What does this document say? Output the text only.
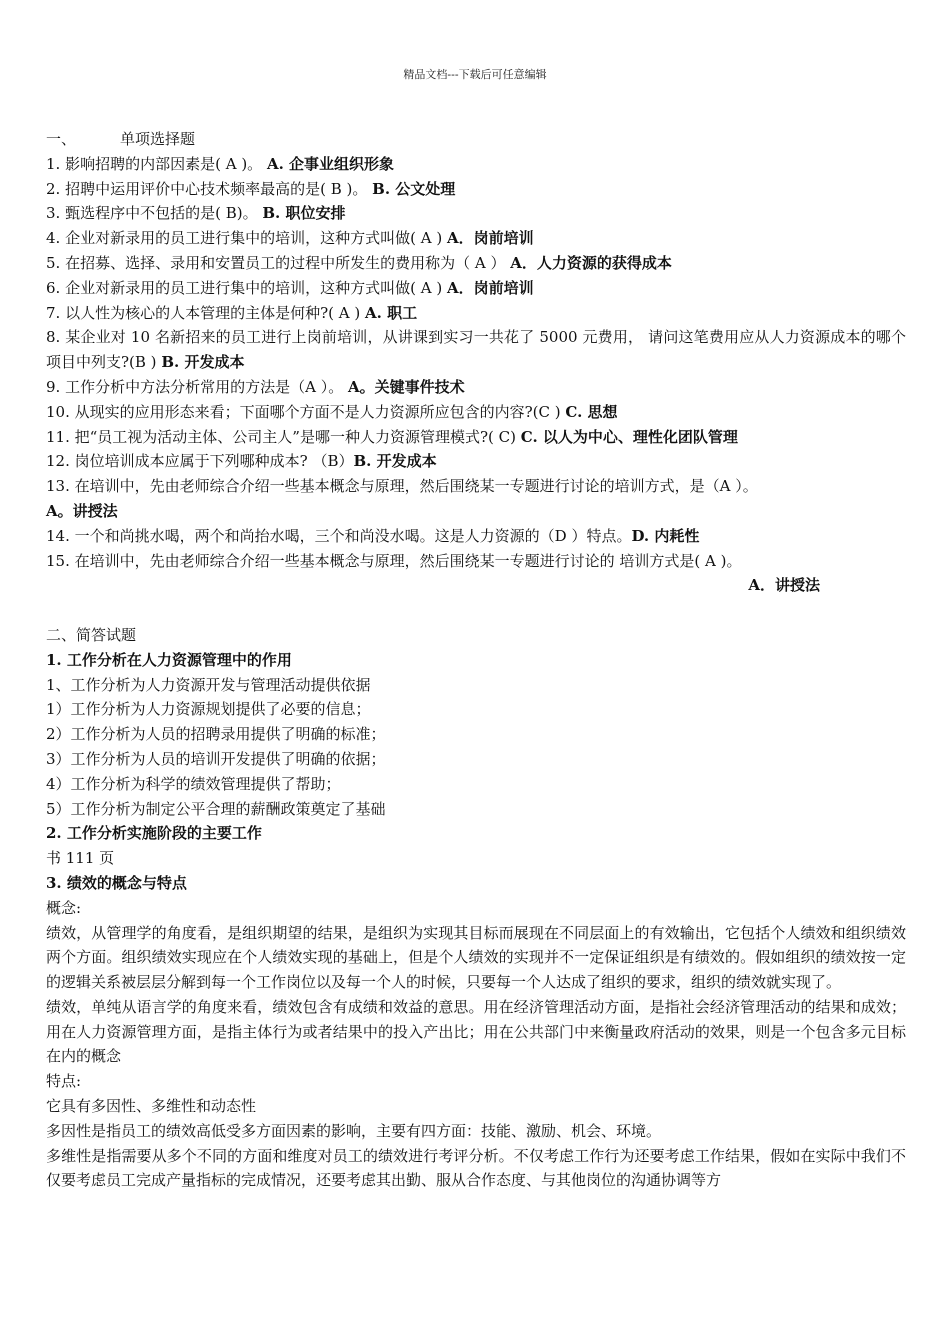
精品文档---下载后可任意编辑
一、	单项选择题
1. 影响招聘的内部因素是( A )。 A. 企事业组织形象
2. 招聘中运用评价中心技术频率最高的是( B )。 B. 公文处理
3. 甄选程序中不包括的是( B)。 B. 职位安排
4. 企业对新录用的员工进行集中的培训，这种方式叫做( A ) A．岗前培训
5. 在招募、选择、录用和安置员工的过程中所发生的费用称为（ A ） A．人力资源的获得成本
6. 企业对新录用的员工进行集中的培训，这种方式叫做( A ) A．岗前培训
7. 以人性为核心的人本管理的主体是何种?( A ) A. 职工
8. 某企业对 10 名新招来的员工进行上岗前培训，从讲课到实习一共花了 5000 元费用， 请问这笔费用应从人力资源成本的哪个项目中列支?(B ) B. 开发成本
9. 工作分析中方法分析常用的方法是（A ）。 A。关键事件技术
10. 从现实的应用形态来看；下面哪个方面不是人力资源所应包含的内容?(C ) C. 思想
11. 把“员工视为活动主体、公司主人”是哪一种人力资源管理模式?( C) C. 以人为中心、理性化团队管理
12. 岗位培训成本应属于下列哪种成本? （B）B. 开发成本
13. 在培训中，先由老师综合介绍一些基本概念与原理，然后围绕某一专题进行讨论的培训方式，是（A ）。
A。讲授法
14. 一个和尚挑水喝，两个和尚抬水喝，三个和尚没水喝。这是人力资源的（D ）特点。D. 内耗性
15. 在培训中，先由老师综合介绍一些基本概念与原理，然后围绕某一专题进行讨论的 培训方式是( A )。
A．讲授法
二、简答试题
1. 工作分析在人力资源管理中的作用
1、工作分析为人力资源开发与管理活动提供依据
1）工作分析为人力资源规划提供了必要的信息；
2）工作分析为人员的招聘录用提供了明确的标准；
3）工作分析为人员的培训开发提供了明确的依据；
4）工作分析为科学的绩效管理提供了帮助；
5）工作分析为制定公平合理的薪酬政策奠定了基础
2. 工作分析实施阶段的主要工作
书 111 页
3. 绩效的概念与特点
概念:
绩效，从管理学的角度看，是组织期望的结果，是组织为实现其目标而展现在不同层面上的有效输出，它包括个人绩效和组织绩效两个方面。组织绩效实现应在个人绩效实现的基础上，但是个人绩效的实现并不一定保证组织是有绩效的。假如组织的绩效按一定的逻辑关系被层层分解到每一个工作岗位以及每一个人的时候，只要每一个人达成了组织的要求，组织的绩效就实现了。
绩效，单纯从语言学的角度来看，绩效包含有成绩和效益的意思。用在经济管理活动方面，是指社会经济管理活动的结果和成效；用在人力资源管理方面，是指主体行为或者结果中的投入产出比；用在公共部门中来衡量政府活动的效果，则是一个包含多元目标在内的概念
特点:
它具有多因性、多维性和动态性
多因性是指员工的绩效高低受多方面因素的影响，主要有四方面：技能、激励、机会、环境。
多维性是指需要从多个不同的方面和维度对员工的绩效进行考评分析。不仅考虑工作行为还要考虑工作结果，假如在实际中我们不仅要考虑员工完成产量指标的完成情况，还要考虑其出勤、服从合作态度、与其他岗位的沟通协调等方
